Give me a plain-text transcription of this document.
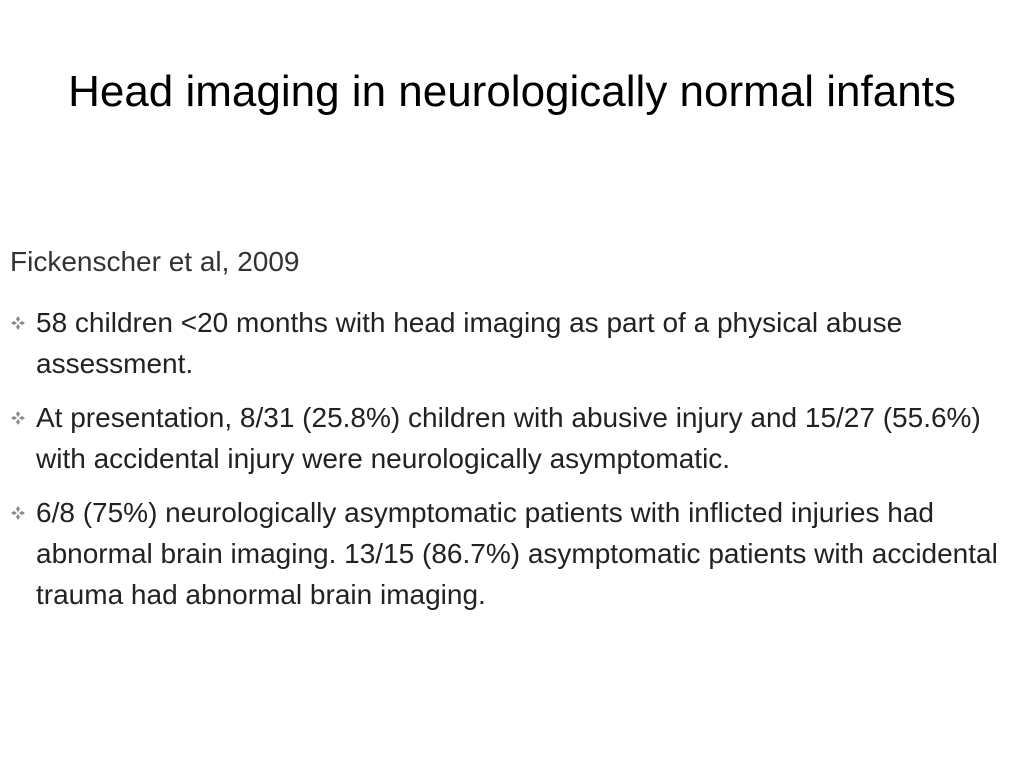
Head imaging in neurologically normal infants

Fickenscher et al, 2009

58 children <20 months with head imaging as part of a physical abuse assessment.
At presentation, 8/31 (25.8%) children with abusive injury and 15/27 (55.6%) with accidental injury were neurologically asymptomatic.
6/8 (75%) neurologically asymptomatic patients with inflicted injuries had abnormal brain imaging. 13/15 (86.7%) asymptomatic patients with accidental trauma had abnormal brain imaging.
